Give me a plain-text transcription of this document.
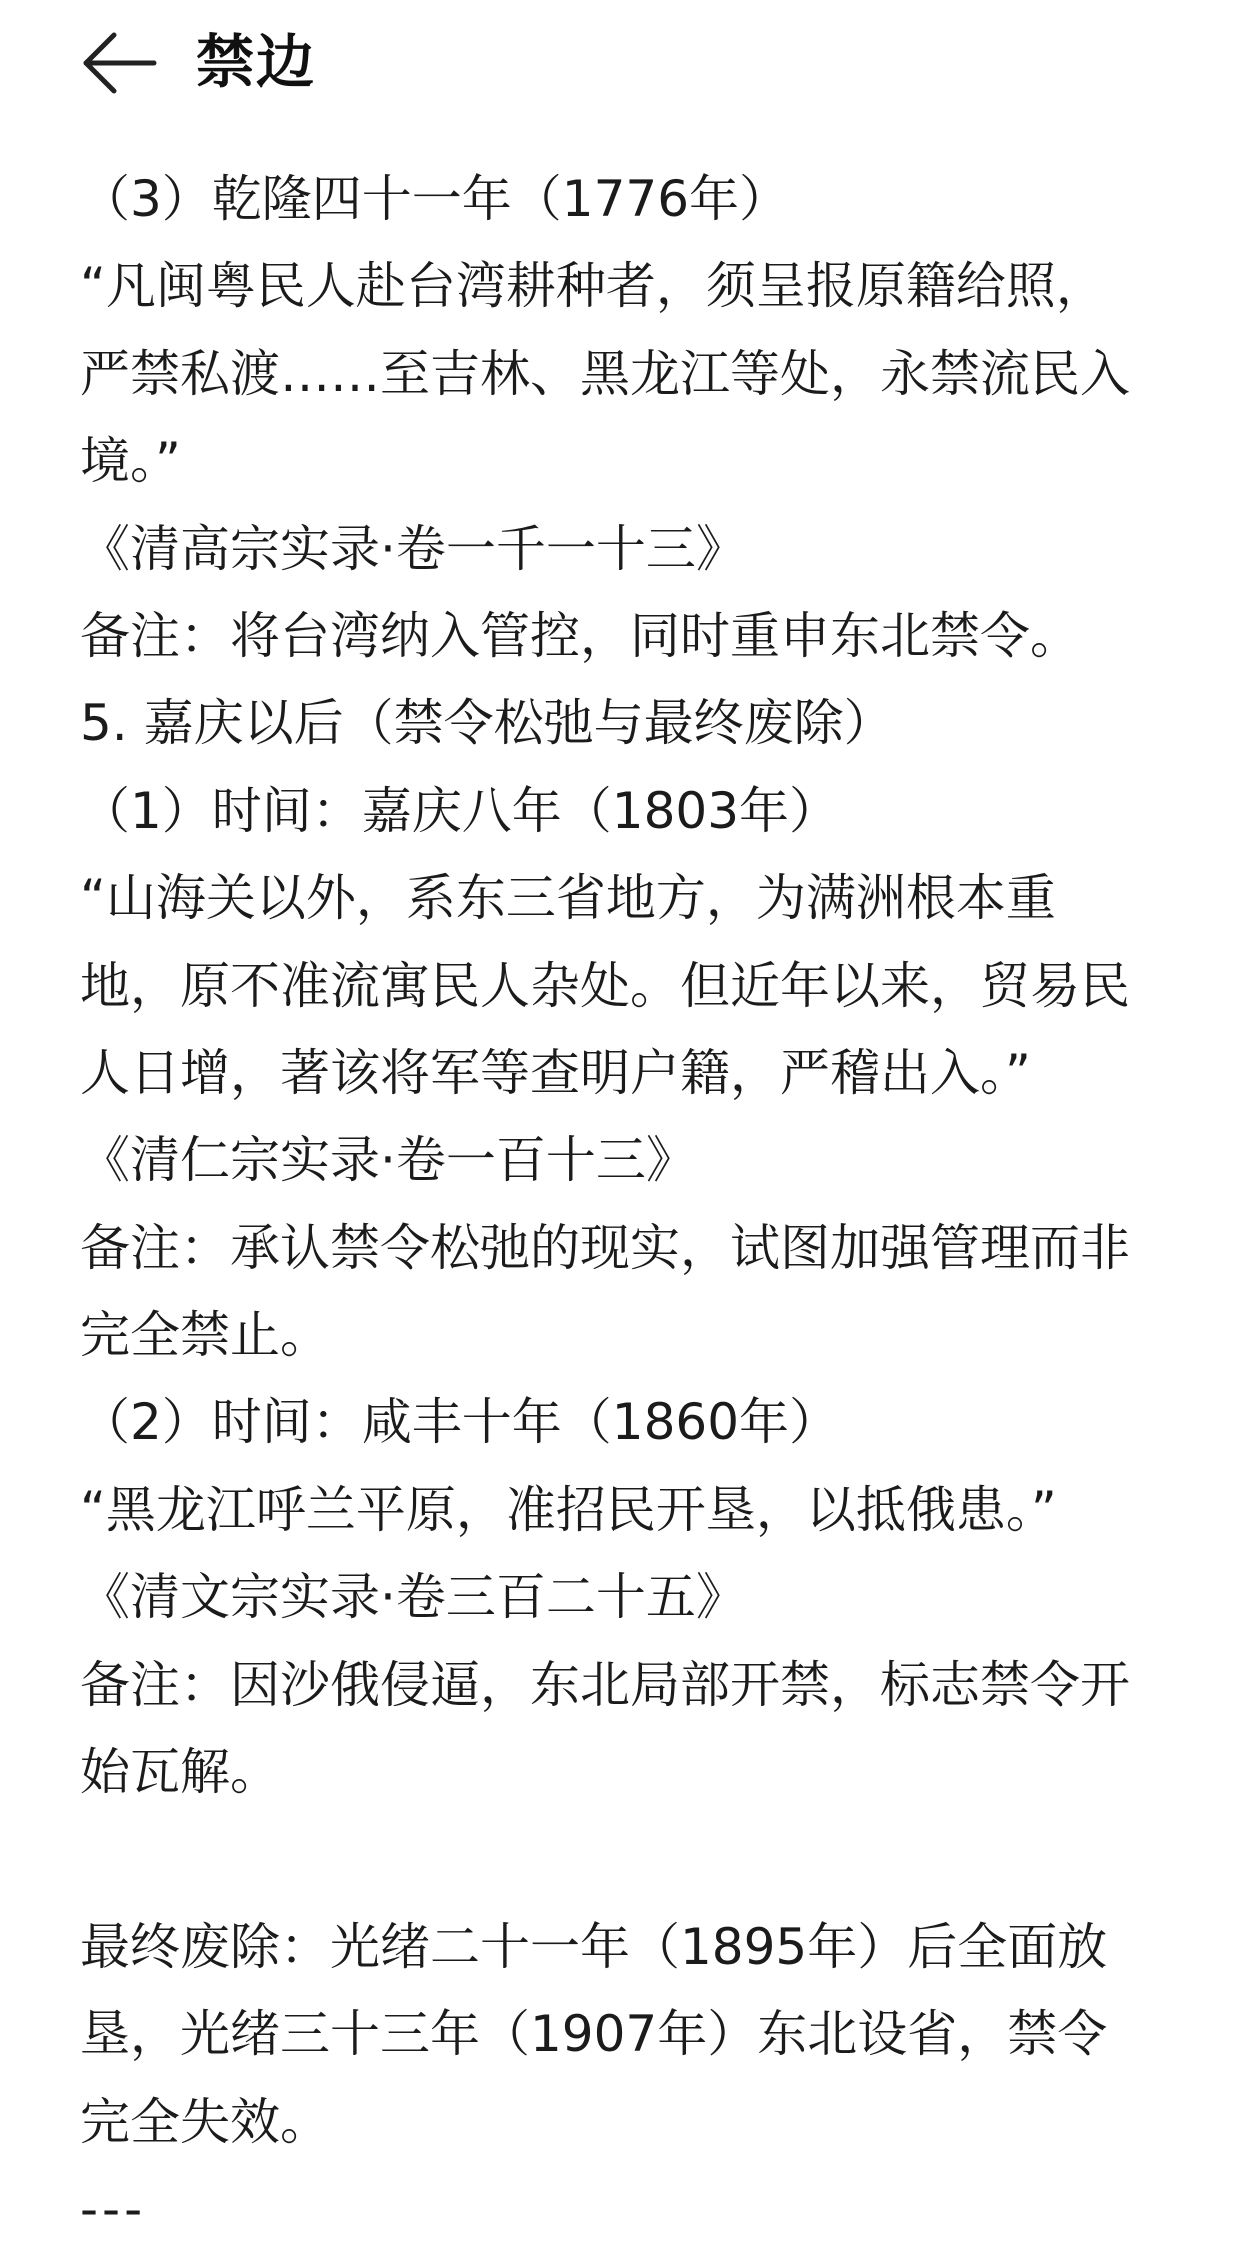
禁边
（3）乾隆四十一年（1776年）
“凡闽粤民人赴台湾耕种者，须呈报原籍给照，
严禁私渡……至吉林、黑龙江等处，永禁流民入
境。”
《清高宗实录·卷一千一十三》
备注：将台湾纳入管控，同时重申东北禁令。
5. 嘉庆以后（禁令松弛与最终废除）
（1）时间：嘉庆八年（1803年）
“山海关以外，系东三省地方，为满洲根本重
地，原不准流寓民人杂处。但近年以来，贸易民
人日增，著该将军等查明户籍，严稽出入。”
《清仁宗实录·卷一百十三》
备注：承认禁令松弛的现实，试图加强管理而非
完全禁止。
（2）时间：咸丰十年（1860年）
“黑龙江呼兰平原，准招民开垦，以抵俄患。”
《清文宗实录·卷三百二十五》
备注：因沙俄侵逼，东北局部开禁，标志禁令开
始瓦解。
最终废除：光绪二十一年（1895年）后全面放
垦，光绪三十三年（1907年）东北设省，禁令
完全失效。
---
